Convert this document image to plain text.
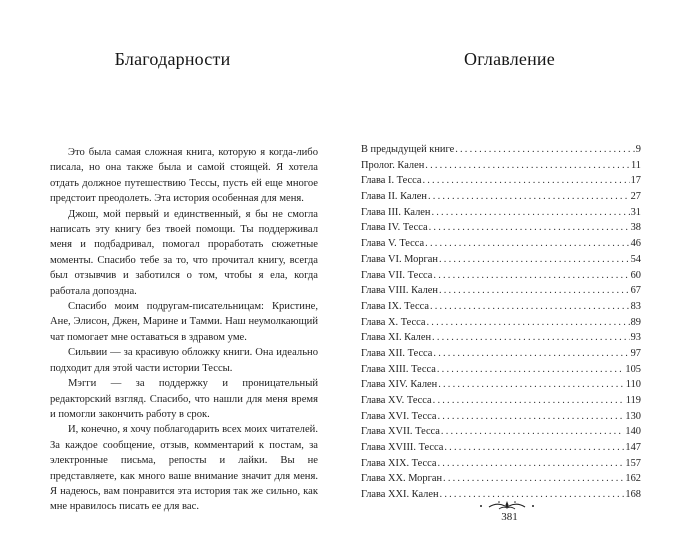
Благодарности

Это была самая сложная книга, которую я когда-либо писала, но она также была и самой стоящей. Я хотела отдать должное путешествию Тессы, пусть ей еще многое предстоит преодолеть. Эта история особенная для меня.

Джош, мой первый и единственный, я бы не смогла написать эту книгу без твоей помощи. Ты поддерживал меня и подбадривал, помогал проработать сюжетные моменты. Спасибо тебе за то, что прочитал книгу, всегда был отзывчив и заботился о том, чтобы я ела, когда работала допоздна.

Спасибо моим подругам-писательницам: Кристине, Ане, Элисон, Джен, Марине и Тамми. Наш неумолкающий чат помогает мне оставаться в здравом уме.

Сильвии — за красивую обложку книги. Она идеально подходит для этой части истории Тессы.

Мэгги — за поддержку и проницательный редакторский взгляд. Спасибо, что нашли для меня время и помогли закончить работу в срок.

И, конечно, я хочу поблагодарить всех моих читателей. За каждое сообщение, отзыв, комментарий к постам, за электронные письма, репосты и лайки. Вы не представляете, как много ваше внимание значит для меня. Я надеюсь, вам понравится эта история так же сильно, как мне нравилось писать ее для вас.

Оглавление
В предыдущей книге .....	9
Пролог. Кален .....	11
Глава I. Тесса .....	17
Глава II. Кален .....	27
Глава III. Кален .....	31
Глава IV. Тесса .....	38
Глава V. Тесса .....	46
Глава VI. Морган .....	54
Глава VII. Тесса .....	60
Глава VIII. Кален .....	67
Глава IX. Тесса .....	83
Глава X. Тесса .....	89
Глава XI. Кален .....	93
Глава XII. Тесса .....	97
Глава XIII. Тесса .....	105
Глава XIV. Кален .....	110
Глава XV. Тесса .....	119
Глава XVI. Тесса .....	130
Глава XVII. Тесса .....	140
Глава XVIII. Тесса .....	147
Глава XIX. Тесса .....	157
Глава XX. Морган .....	162
Глава XXI. Кален .....	168
381
